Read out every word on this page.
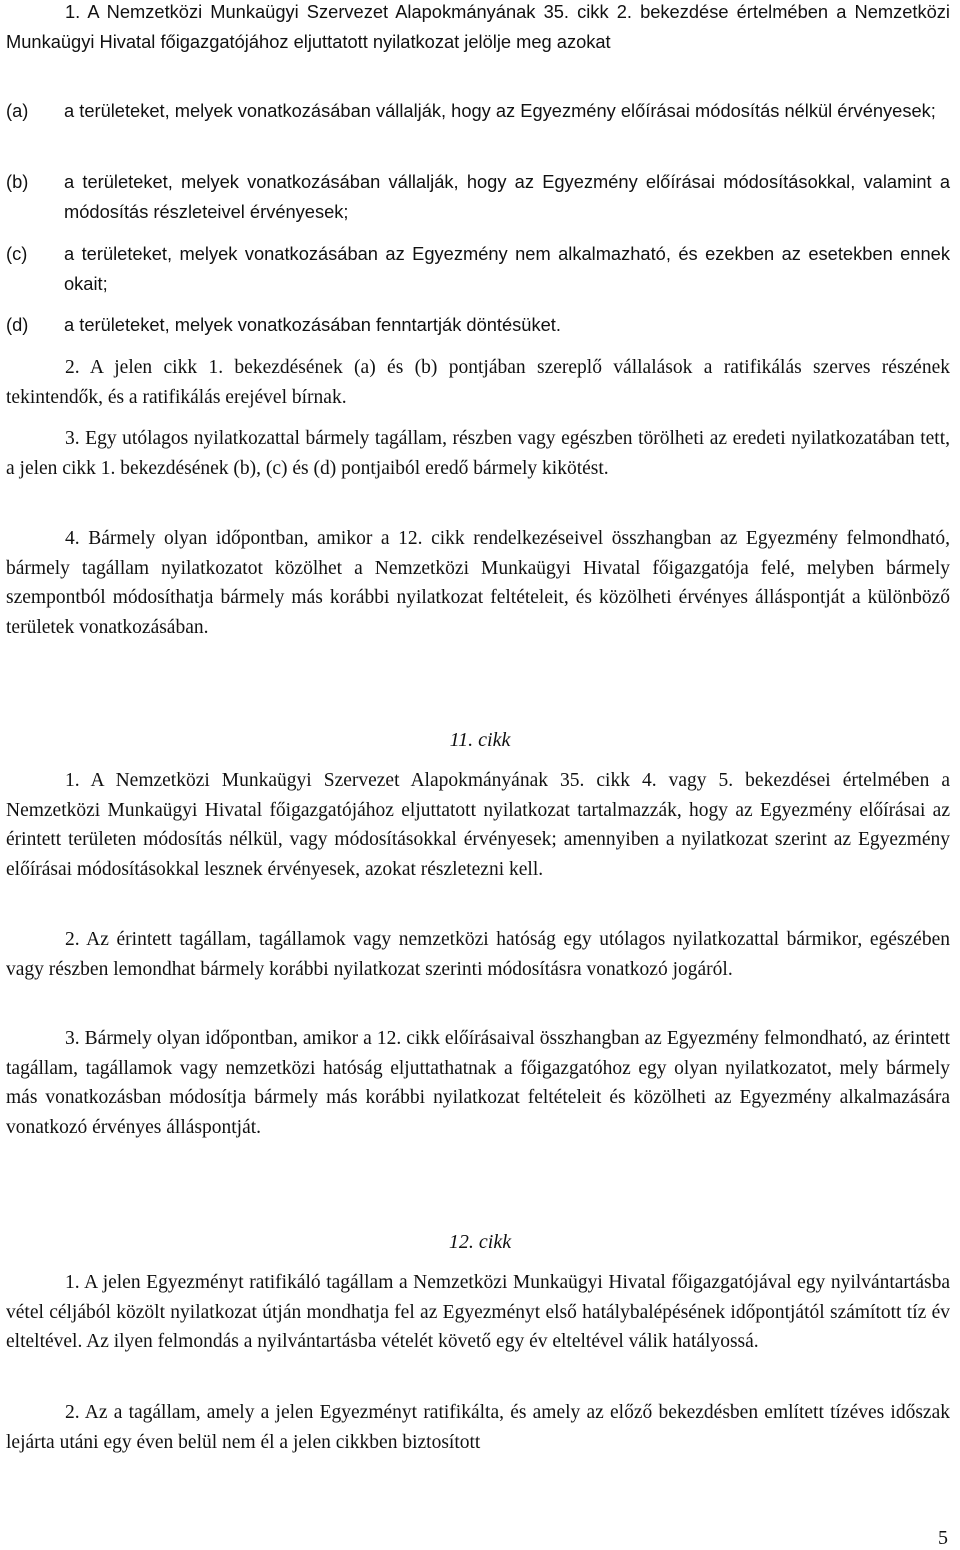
1. A Nemzetközi Munkaügyi Szervezet Alapokmányának 35. cikk 2. bekezdése értelmében a Nemzetközi Munkaügyi Hivatal főigazgatójához eljuttatott nyilatkozat jelölje meg azokat

(a) a területeket, melyek vonatkozásában vállalják, hogy az Egyezmény előírásai módosítás nélkül érvényesek;
(b) a területeket, melyek vonatkozásában vállalják, hogy az Egyezmény előírásai módosításokkal, valamint a módosítás részleteivel érvényesek;
(c) a területeket, melyek vonatkozásában az Egyezmény nem alkalmazható, és ezekben az esetekben ennek okait;
(d) a területeket, melyek vonatkozásában fenntartják döntésüket.

2. A jelen cikk 1. bekezdésének (a) és (b) pontjában szereplő vállalások a ratifikálás szerves részének tekintendők, és a ratifikálás erejével bírnak.

3. Egy utólagos nyilatkozattal bármely tagállam, részben vagy egészben törölheti az eredeti nyilatkozatában tett, a jelen cikk 1. bekezdésének (b), (c) és (d) pontjaiból eredő bármely kikötést.

4. Bármely olyan időpontban, amikor a 12. cikk rendelkezéseivel összhangban az Egyezmény felmondható, bármely tagállam nyilatkozatot közölhet a Nemzetközi Munkaügyi Hivatal főigazgatója felé, melyben bármely szempontból módosíthatja bármely más korábbi nyilatkozat feltételeit, és közölheti érvényes álláspontját a különböző területek vonatkozásában.

11. cikk

1. A Nemzetközi Munkaügyi Szervezet Alapokmányának 35. cikk 4. vagy 5. bekezdései értelmében a Nemzetközi Munkaügyi Hivatal főigazgatójához eljuttatott nyilatkozat tartalmazzák, hogy az Egyezmény előírásai az érintett területen módosítás nélkül, vagy módosításokkal érvényesek; amennyiben a nyilatkozat szerint az Egyezmény előírásai módosításokkal lesznek érvényesek, azokat részletezni kell.

2. Az érintett tagállam, tagállamok vagy nemzetközi hatóság egy utólagos nyilatkozattal bármikor, egészében vagy részben lemondhat bármely korábbi nyilatkozat szerinti módosításra vonatkozó jogáról.

3. Bármely olyan időpontban, amikor a 12. cikk előírásaival összhangban az Egyezmény felmondható, az érintett tagállam, tagállamok vagy nemzetközi hatóság eljuttathatnak a főigazgatóhoz egy olyan nyilatkozatot, mely bármely más vonatkozásban módosítja bármely más korábbi nyilatkozat feltételeit és közölheti az Egyezmény alkalmazására vonatkozó érvényes álláspontját.

12. cikk

1. A jelen Egyezményt ratifikáló tagállam a Nemzetközi Munkaügyi Hivatal főigazgatójával egy nyilvántartásba vétel céljából közölt nyilatkozat útján mondhatja fel az Egyezményt első hatálybalépésének időpontjától számított tíz év elteltével. Az ilyen felmondás a nyilvántartásba vételét követő egy év elteltével válik hatályossá.

2. Az a tagállam, amely a jelen Egyezményt ratifikálta, és amely az előző bekezdésben említett tízéves időszak lejárta utáni egy éven belül nem él a jelen cikkben biztosított

5
